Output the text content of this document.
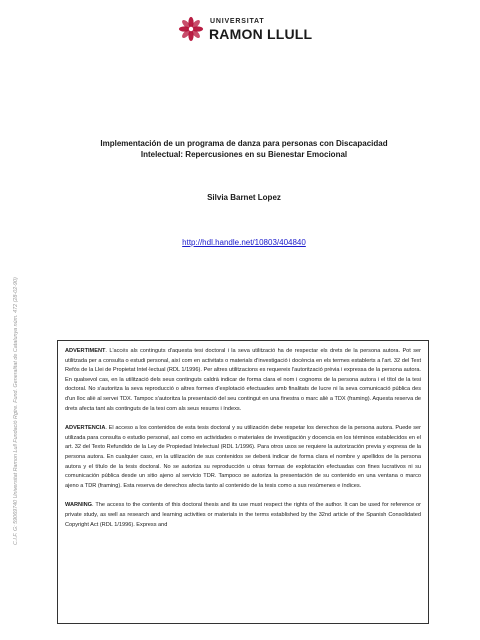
UNIVERSITAT
RAMON LLULL
C.I.F. G: 59069740 Universitat Ramon Lull Fundació Rgtre. Fund. Generalitat de Catalunya núm. 472 (28-02-90)
Implementación de un programa de danza para personas con Discapacidad
Intelectual: Repercusiones en su Bienestar Emocional
Silvia Barnet Lopez
http://hdl.handle.net/10803/404840

ADVERTIMENT. L'accés als continguts d'aquesta tesi doctoral i la seva utilització ha de respectar els drets de la persona autora. Pot ser utilitzada per a consulta o estudi personal, així com en activitats o materials d'investigació i docència en els termes establerts a l'art. 32 del Text Refós de la Llei de Propietat Intel·lectual (RDL 1/1996). Per altres utilitzacions es requereix l'autorització prèvia i expressa de la persona autora. En qualsevol cas, en la utilització dels seus continguts caldrà indicar de forma clara el nom i cognoms de la persona autora i el títol de la tesi doctoral. No s'autoritza la seva reproducció o altres formes d'explotació efectuades amb finalitats de lucre ni la seva comunicació pública des d'un lloc aliè al servei TDX. Tampoc s'autoritza la presentació del seu contingut en una finestra o marc aliè a TDX (framing). Aquesta reserva de drets afecta tant als continguts de la tesi com als seus resums i índexs.

ADVERTENCIA. El acceso a los contenidos de esta tesis doctoral y su utilización debe respetar los derechos de la persona autora. Puede ser utilizada para consulta o estudio personal, así como en actividades o materiales de investigación y docencia en los términos establecidos en el art. 32 del Texto Refundido de la Ley de Propiedad Intelectual (RDL 1/1996). Para otros usos se requiere la autorización previa y expresa de la persona autora. En cualquier caso, en la utilización de sus contenidos se deberá indicar de forma clara el nombre y apellidos de la persona autora y el título de la tesis doctoral. No se autoriza su reproducción u otras formas de explotación efectuadas con fines lucrativos ni su comunicación pública desde un sitio ajeno al servicio TDR. Tampoco se autoriza la presentación de su contenido en una ventana o marco ajeno a TDR (framing). Esta reserva de derechos afecta tanto al contenido de la tesis como a sus resúmenes e índices.

WARNING. The access to the contents of this doctoral thesis and its use must respect the rights of the author. It can be used for reference or private study, as well as research and learning activities or materials in the terms established by the 32nd article of the Spanish Consolidated Copyright Act (RDL 1/1996). Express and
